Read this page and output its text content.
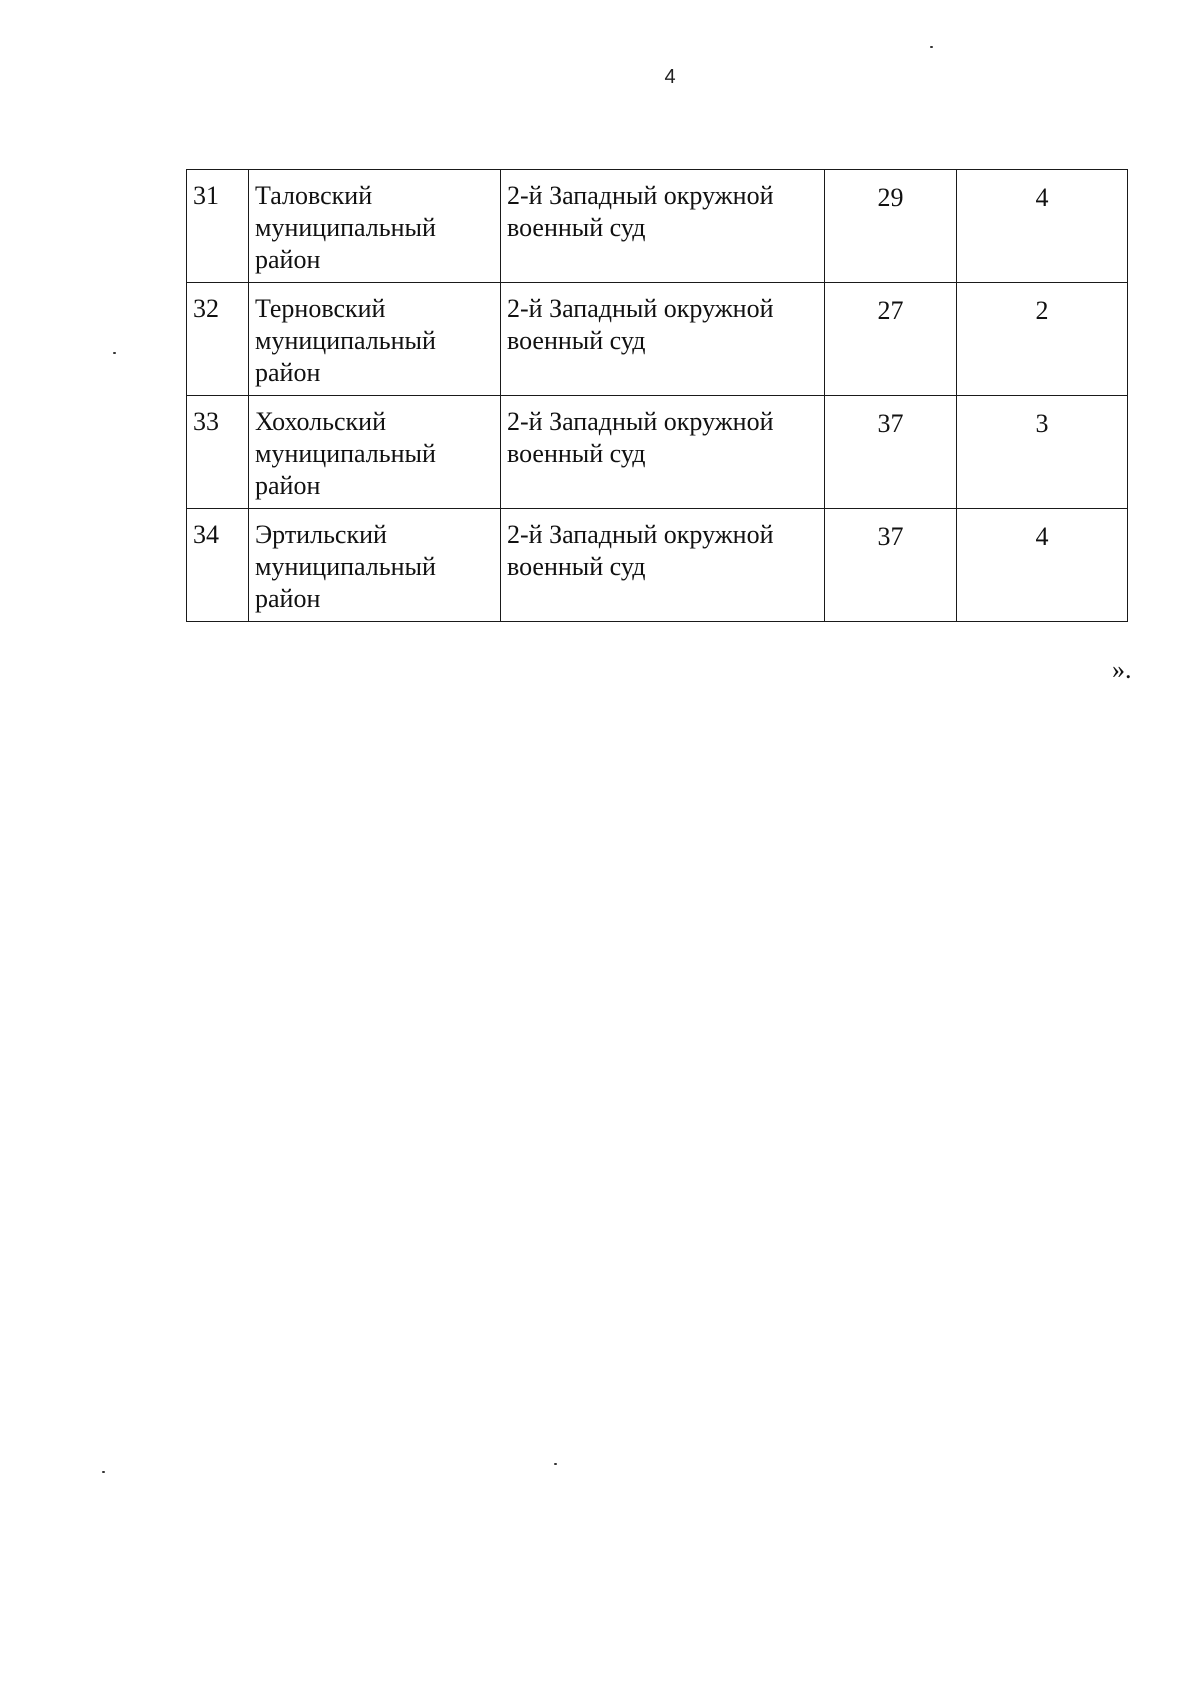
4
31	Таловский муниципальный район	2-й Западный окружной военный суд	29	4
32	Терновский муниципальный район	2-й Западный окружной военный суд	27	2
33	Хохольский муниципальный район	2-й Западный окружной военный суд	37	3
34	Эртильский муниципальный район	2-й Западный окружной военный суд	37	4
».
